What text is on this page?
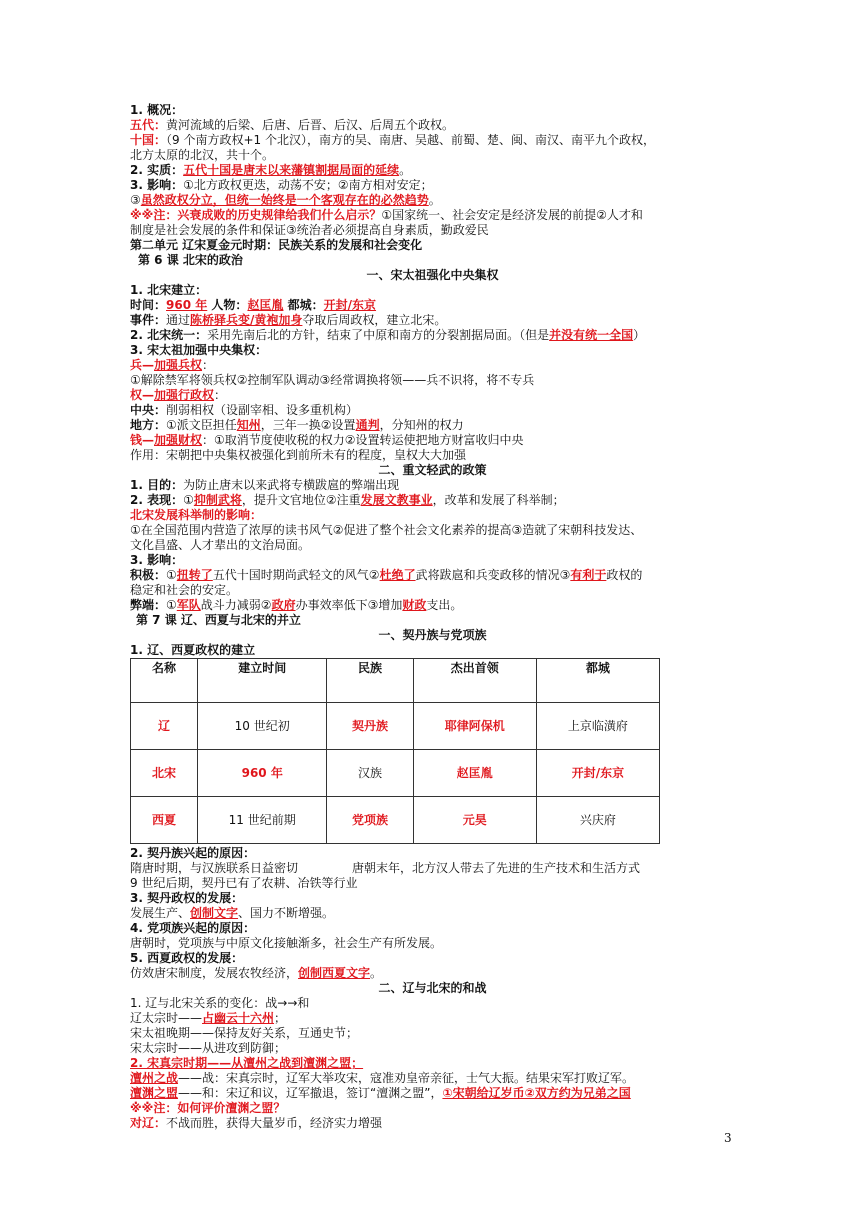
1. 概况：

五代：黄河流域的后梁、后唐、后晋、后汉、后周五个政权。

十国：（9 个南方政权+1 个北汉），南方的吴、南唐、吴越、前蜀、楚、闽、南汉、南平九个政权，

北方太原的北汉，共十个。

2. 实质：五代十国是唐末以来藩镇割据局面的延续。

3. 影响：①北方政权更迭，动荡不安；②南方相对安定；

③虽然政权分立，但统一始终是一个客观存在的必然趋势。

※※注：兴衰成败的历史规律给我们什么启示？①国家统一、社会安定是经济发展的前提②人才和

制度是社会发展的条件和保证③统治者必须提高自身素质，勤政爱民

第二单元 辽宋夏金元时期：民族关系的发展和社会变化

第 6 课 北宋的政治

一、宋太祖强化中央集权

1. 北宋建立：

时间：960 年 人物：赵匡胤 都城：开封/东京

事件：通过陈桥驿兵变/黄袍加身夺取后周政权，建立北宋。

2. 北宋统一：采用先南后北的方针，结束了中原和南方的分裂割据局面。（但是并没有统一全国）

3. 宋太祖加强中央集权：

兵—加强兵权：

①解除禁军将领兵权②控制军队调动③经常调换将领——兵不识将，将不专兵

权—加强行政权：

中央：削弱相权（设副宰相、设多重机构）

地方：①派文臣担任知州，三年一换②设置通判，分知州的权力

钱—加强财权：①取消节度使收税的权力②设置转运使把地方财富收归中央

作用：宋朝把中央集权被强化到前所未有的程度，皇权大大加强

二、重文轻武的政策

1. 目的：为防止唐末以来武将专横跋扈的弊端出现

2. 表现：①抑制武将，提升文官地位②注重发展文教事业，改革和发展了科举制；

北宋发展科举制的影响：

①在全国范围内营造了浓厚的读书风气②促进了整个社会文化素养的提高③造就了宋朝科技发达、

文化昌盛、人才辈出的文治局面。

3. 影响：

积极：①扭转了五代十国时期尚武轻文的风气②杜绝了武将跋扈和兵变政移的情况③有利于政权的

稳定和社会的安定。

弊端：①军队战斗力减弱②政府办事效率低下③增加财政支出。

第 7 课 辽、西夏与北宋的并立

一、契丹族与党项族

1. 辽、西夏政权的建立

名称	建立时间	民族	杰出首领	都城
辽	10 世纪初	契丹族	耶律阿保机	上京临潢府
北宋	960 年	汉族	赵匡胤	开封/东京
西夏	11 世纪前期	党项族	元昊	兴庆府

2. 契丹族兴起的原因：

隋唐时期，与汉族联系日益密切	唐朝末年，北方汉人带去了先进的生产技术和生活方式

9 世纪后期，契丹已有了农耕、冶铁等行业

3. 契丹政权的发展：

发展生产、创制文字、国力不断增强。

4. 党项族兴起的原因：

唐朝时，党项族与中原文化接触渐多，社会生产有所发展。

5. 西夏政权的发展：

仿效唐宋制度，发展农牧经济，创制西夏文字。

二、辽与北宋的和战

1. 辽与北宋关系的变化：战→→和

辽太宗时——占幽云十六州；

宋太祖晚期——保持友好关系，互通史节；

宋太宗时——从进攻到防御；

2. 宋真宗时期——从澶州之战到澶渊之盟；

澶州之战——战：宋真宗时，辽军大举攻宋，寇准劝皇帝亲征，士气大振。结果宋军打败辽军。

澶渊之盟——和：宋辽和议，辽军撤退，签订“澶渊之盟”，①宋朝给辽岁币②双方约为兄弟之国

※※注：如何评价澶渊之盟？

对辽：不战而胜，获得大量岁币，经济实力增强

3
